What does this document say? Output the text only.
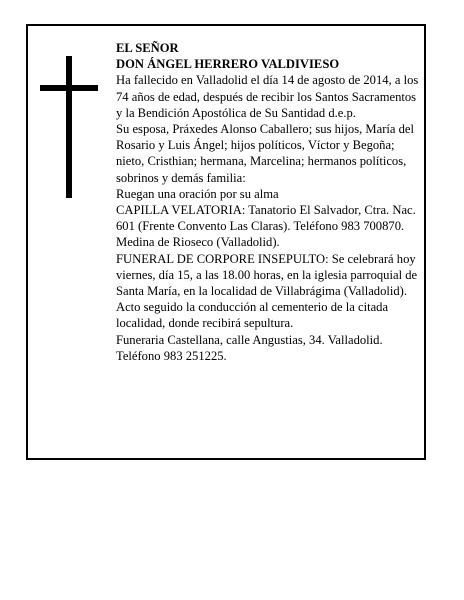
EL SEÑOR

DON ÁNGEL HERRERO VALDIVIESO

Ha fallecido en Valladolid el día 14 de agosto de 2014, a los 74 años de edad, después de recibir los Santos Sacramentos y la Bendición Apostólica de Su Santidad d.e.p.

Su esposa, Práxedes Alonso Caballero; sus hijos, María del Rosario y Luis Ángel; hijos políticos, Víctor y Begoña; nieto, Cristhian; hermana, Marcelina; hermanos políticos, sobrinos y demás familia:

Ruegan una oración por su alma

CAPILLA VELATORIA: Tanatorio El Salvador, Ctra. Nac. 601 (Frente Convento Las Claras). Teléfono 983 700870. Medina de Rioseco (Valladolid).

FUNERAL DE CORPORE INSEPULTO: Se celebrará hoy viernes, día 15, a las 18.00 horas, en la iglesia parroquial de Santa María, en la localidad de Villabrágima (Valladolid). Acto seguido la conducción al cementerio de la citada localidad, donde recibirá sepultura.

Funeraria Castellana, calle Angustias, 34. Valladolid. Teléfono 983 251225.
